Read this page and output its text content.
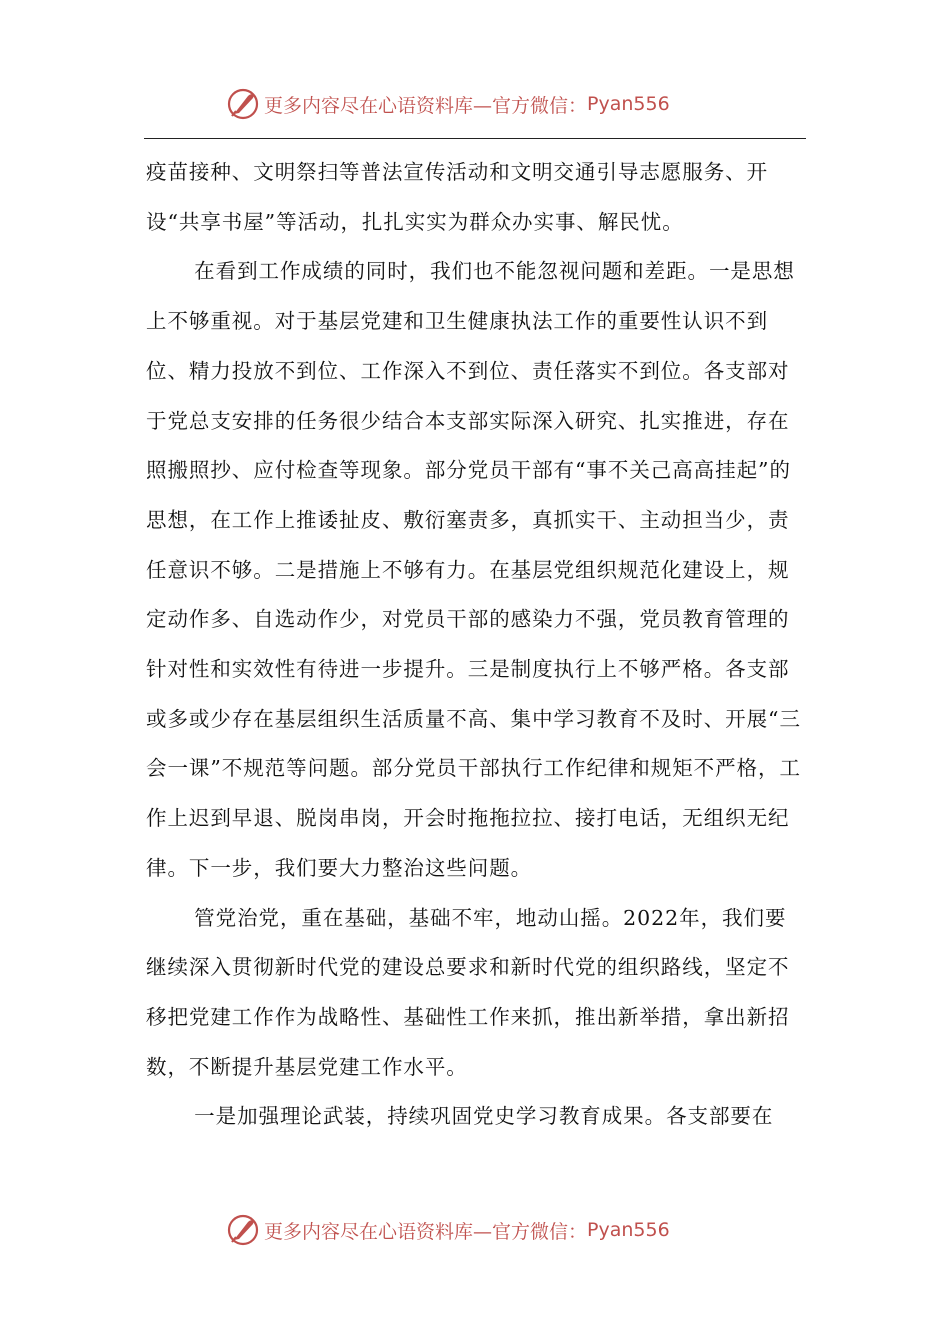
更多内容尽在心语资料库—官方微信： Pyan556

疫苗接种、文明祭扫等普法宣传活动和文明交通引导志愿服务、开设“共享书屋”等活动，扎扎实实为群众办实事、解民忧。

在看到工作成绩的同时，我们也不能忽视问题和差距。一是思想上不够重视。对于基层党建和卫生健康执法工作的重要性认识不到位、精力投放不到位、工作深入不到位、责任落实不到位。各支部对于党总支安排的任务很少结合本支部实际深入研究、扎实推进，存在照搬照抄、应付检查等现象。部分党员干部有“事不关己高高挂起”的思想，在工作上推诿扯皮、敷衍塞责多，真抓实干、主动担当少，责任意识不够。二是措施上不够有力。在基层党组织规范化建设上，规定动作多、自选动作少，对党员干部的感染力不强，党员教育管理的针对性和实效性有待进一步提升。三是制度执行上不够严格。各支部或多或少存在基层组织生活质量不高、集中学习教育不及时、开展“三会一课”不规范等问题。部分党员干部执行工作纪律和规矩不严格，工作上迟到早退、脱岗串岗，开会时拖拖拉拉、接打电话，无组织无纪律。下一步，我们要大力整治这些问题。

管党治党，重在基础，基础不牢，地动山摇。2022年，我们要继续深入贯彻新时代党的建设总要求和新时代党的组织路线，坚定不移把党建工作作为战略性、基础性工作来抓，推出新举措，拿出新招数，不断提升基层党建工作水平。

一是加强理论武装，持续巩固党史学习教育成果。各支部要在

更多内容尽在心语资料库—官方微信： Pyan556
